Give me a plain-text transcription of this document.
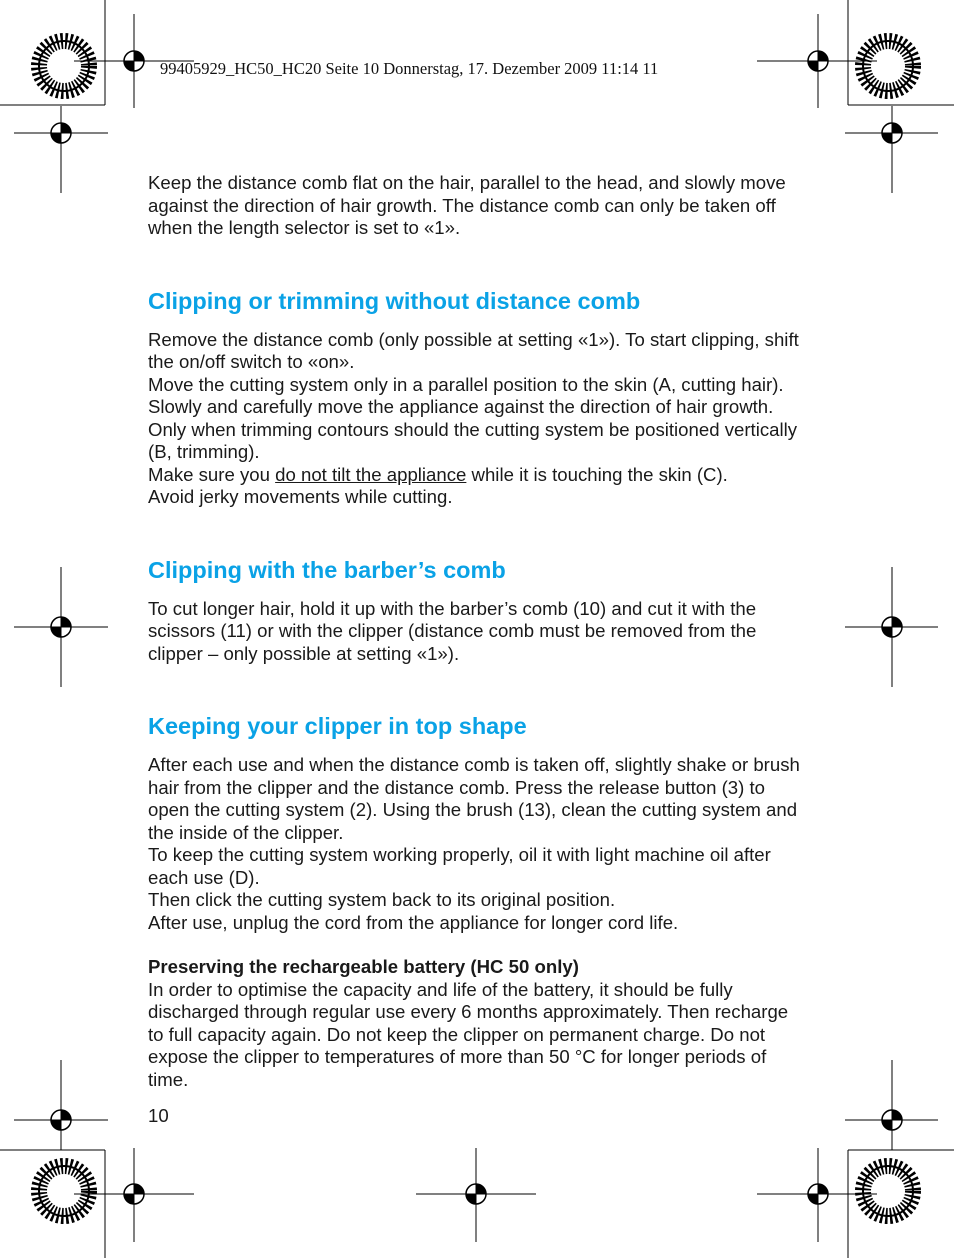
99405929_HC50_HC20 Seite 10 Donnerstag, 17. Dezember 2009 11:14 11

Keep the distance comb flat on the hair, parallel to the head, and slowly move against the direction of hair growth. The distance comb can only be taken off when the length selector is set to «1».

Clipping or trimming without distance comb

Remove the distance comb (only possible at setting «1»). To start clipping, shift the on/off switch to «on».

Move the cutting system only in a parallel position to the skin (A, cutting hair). Slowly and carefully move the appliance against the direction of hair growth. Only when trimming contours should the cutting system be positioned vertically (B, trimming).

Make sure you do not tilt the appliance while it is touching the skin (C).

Avoid jerky movements while cutting.

Clipping with the barber’s comb

To cut longer hair, hold it up with the barber’s comb (10) and cut it with the scissors (11) or with the clipper (distance comb must be removed from the clipper – only possible at setting «1»).

Keeping your clipper in top shape

After each use and when the distance comb is taken off, slightly shake or brush hair from the clipper and the distance comb. Press the release button (3) to open the cutting system (2). Using the brush (13), clean the cutting system and the inside of the clipper.

To keep the cutting system working properly, oil it with light machine oil after each use (D).

Then click the cutting system back to its original position.

After use, unplug the cord from the appliance for longer cord life.

Preserving the rechargeable battery (HC 50 only)

In order to optimise the capacity and life of the battery, it should be fully discharged through regular use every 6 months approximately. Then recharge to full capacity again. Do not keep the clipper on permanent charge. Do not expose the clipper to temperatures of more than 50 °C for longer periods of time.

10
